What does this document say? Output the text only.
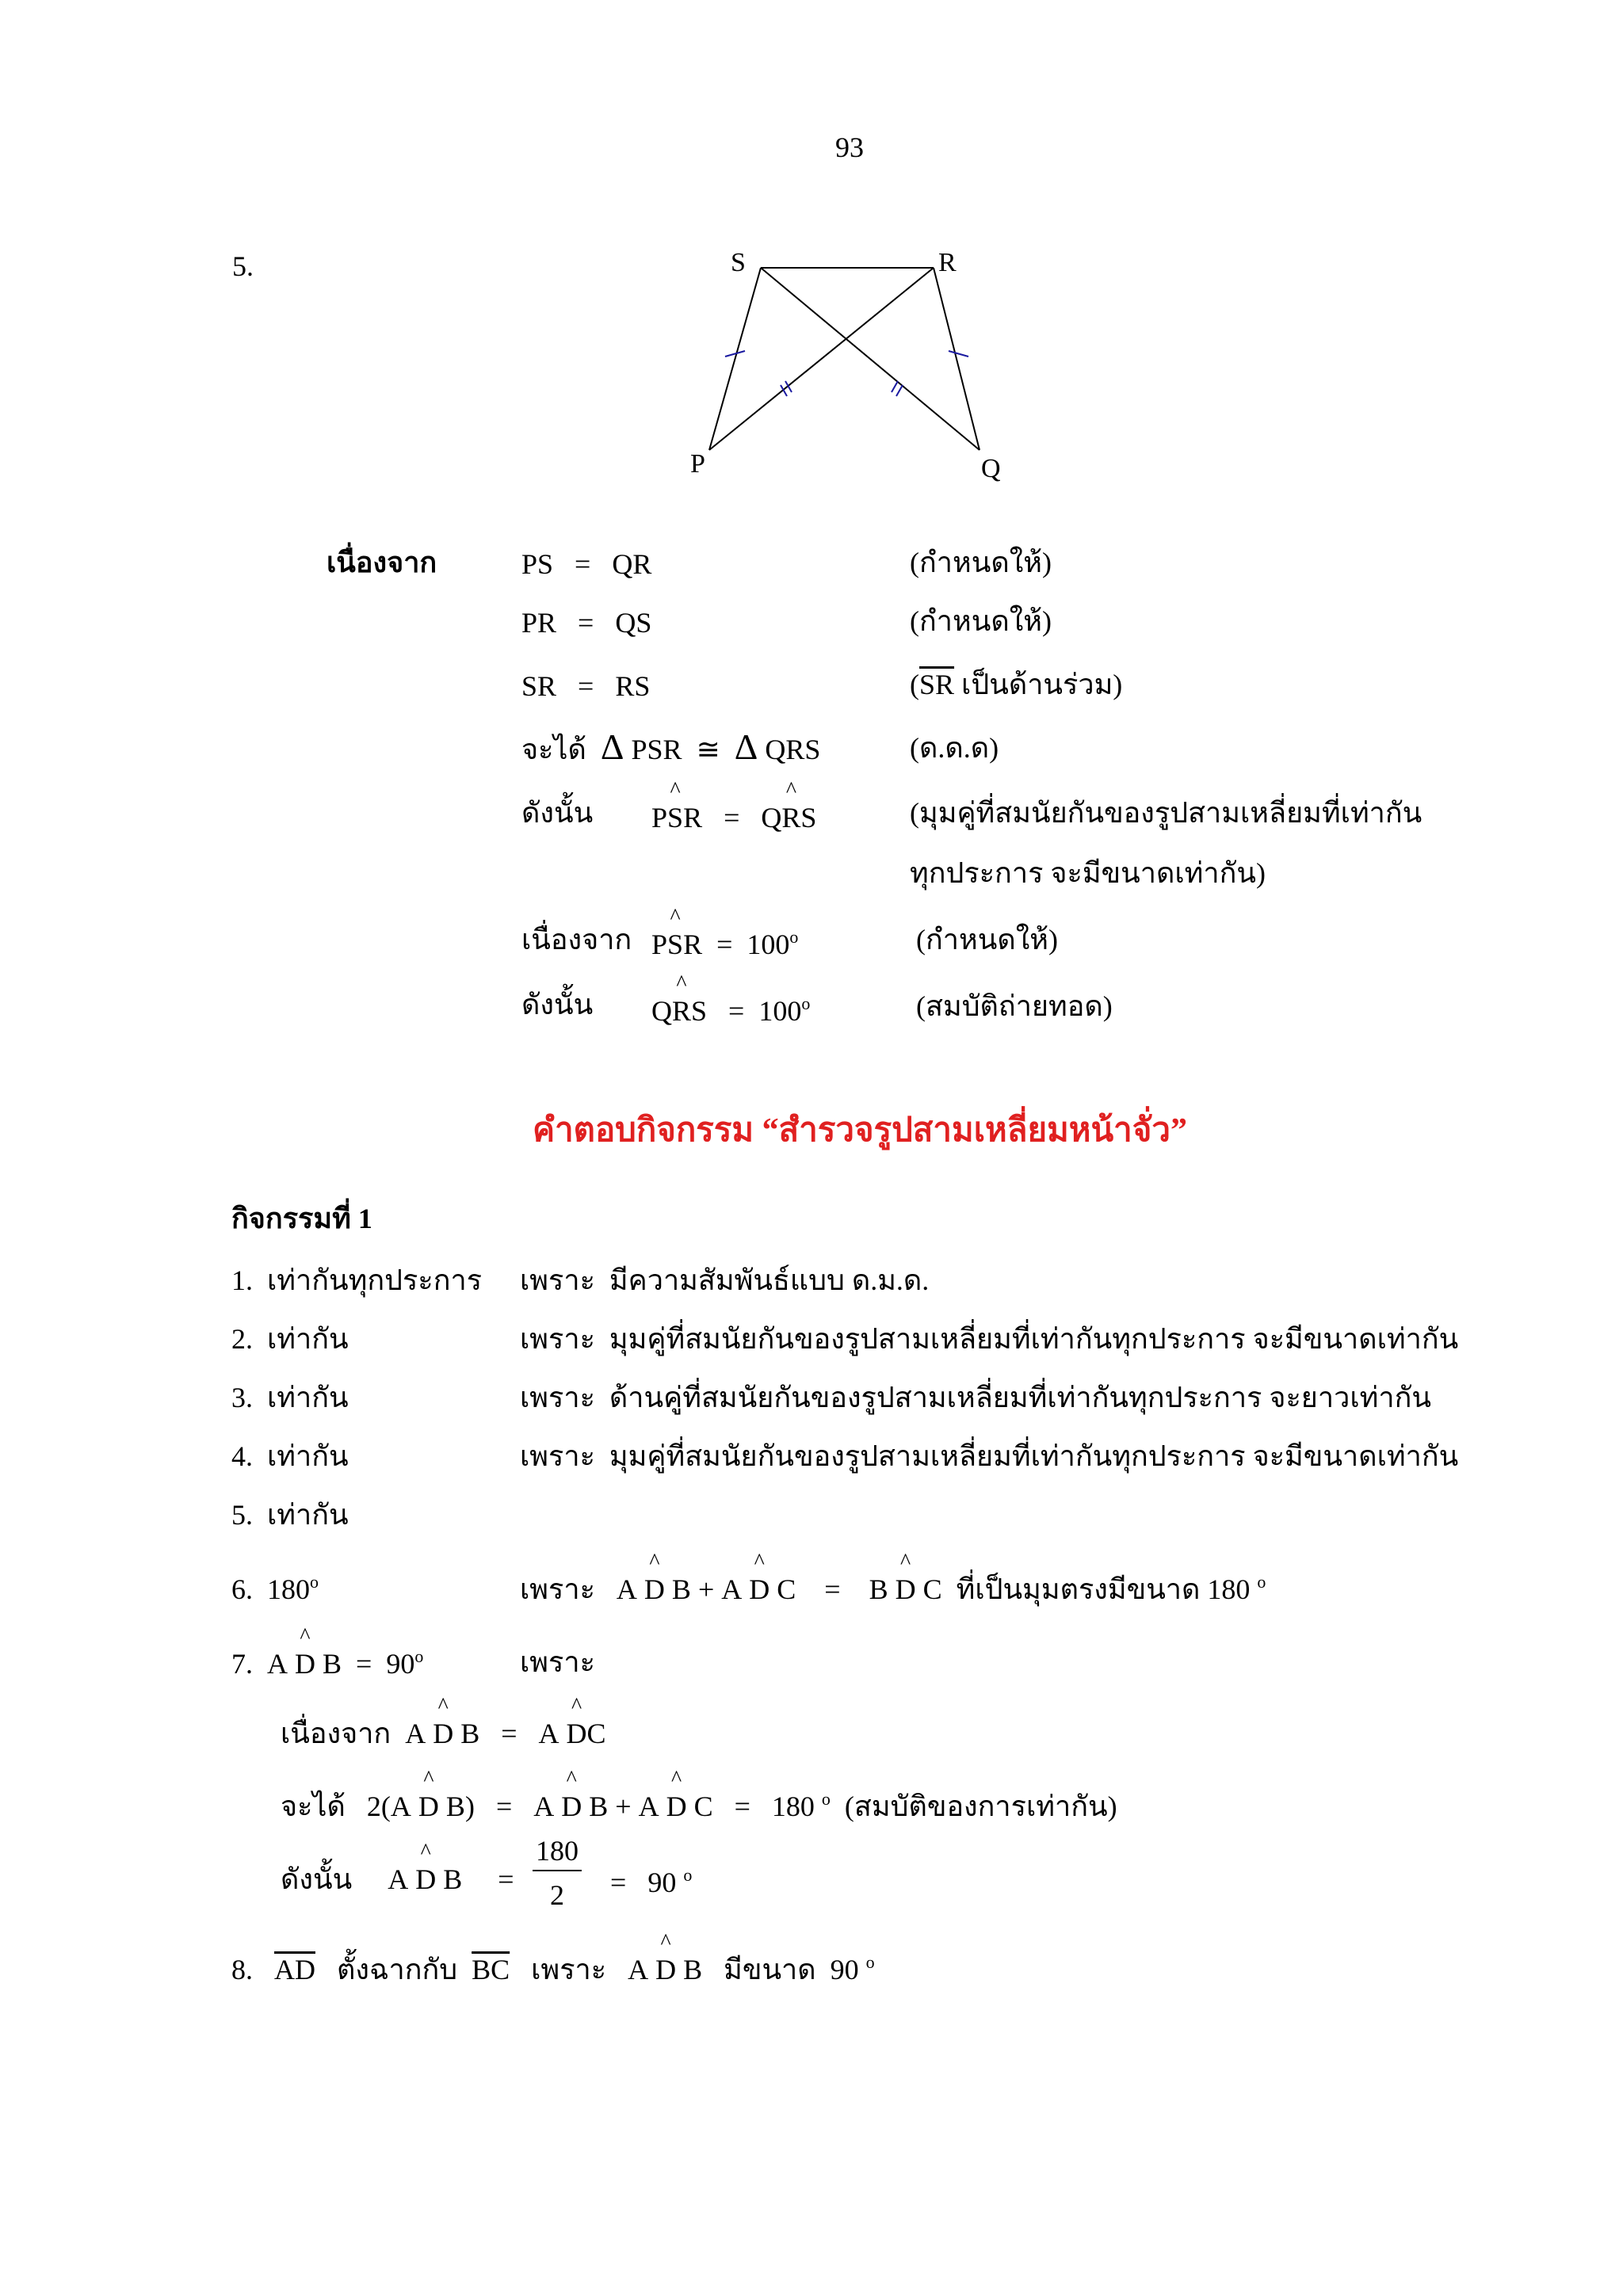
93
5.	S	R
P	Q
เนื่องจาก	PS = QR	(กำหนดให้)
PR = QS	(กำหนดให้)
SR = RS	($\overline{SR}$ เป็นด้านร่วม)
จะได้ Δ PSR ≅ Δ QRS	(ด.ด.ด)
ดังนั้น P^ SR = Q^ RS	(มุมคู่ที่สมนัยกันของรูปสามเหลี่ยมที่เท่ากัน
ทุกประการ จะมีขนาดเท่ากัน)
เนื่องจาก P^ SR = $100^o$	(กำหนดให้)
ดังนั้น Q^ RS = $100^o$	(สมบัติถ่ายทอด)
คำตอบกิจกรรม “สำรวจรูปสามเหลี่ยมหน้าจั่ว”
กิจกรรมที่ 1
1. เท่ากันทุกประการ เพราะ มีความสัมพันธ์แบบ ด.ม.ด.
2. เท่ากัน	เพราะ มุมคู่ที่สมนัยกันของรูปสามเหลี่ยมที่เท่ากันทุกประการ จะมีขนาดเท่ากัน
3. เท่ากัน	เพราะ ด้านคู่ที่สมนัยกันของรูปสามเหลี่ยมที่เท่ากันทุกประการ จะยาวเท่ากัน
4. เท่ากัน	เพราะ มุมคู่ที่สมนัยกันของรูปสามเหลี่ยมที่เท่ากันทุกประการ จะมีขนาดเท่ากัน
5. เท่ากัน
6. 180$^o$	เพราะ A ^ D B + A ^ D C = B ^ D C ที่เป็นมุมตรงมีขนาด 180 $^o$
7. A ^ D $B = 90^o$	เพราะ
เนื่องจาก A ^ D B = A ^ DC
จะได้ 2(A ^ D B) = A ^ D B + A ^ D C = 180 $^o$ (สมบัติของการเท่ากัน)
ดังนั้น A ^ D $B = \frac{180}{2} = 90$ $^o$
8. $\overline{AD}$ ตั้งฉากกับ $\overline{BC}$ เพราะ A ^ D B มีขนาด 90 $^o$
